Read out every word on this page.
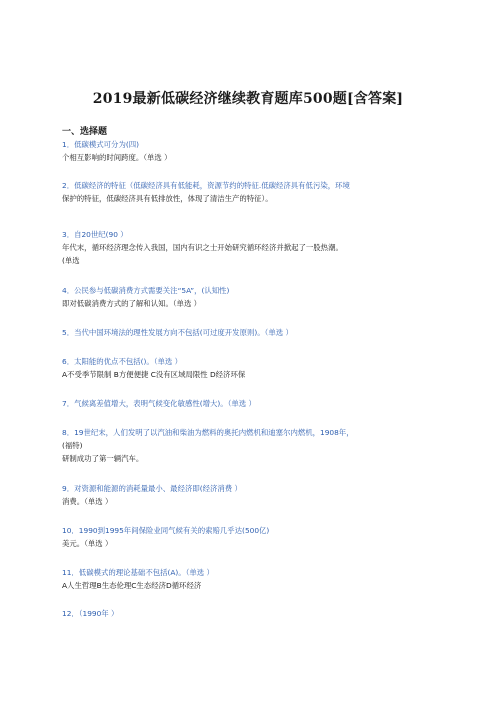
2019最新低碳经济继续教育题库500题[含答案]
一、选择题
1．低碳模式可分为(四)
个相互影响的时间跨度。（单选 ）
2．低碳经济的特征（低碳经济具有低能耗，资源节约的特征.低碳经济具有低污染，环境
保护的特征，低碳经济具有低排放性，体现了清洁生产的特征）。
3．自20世纪(90 ）
年代末，循环经济理念传入我国，国内有识之士开始研究循环经济并掀起了一股热潮。
(单选
4．公民参与低碳消费方式需要关注“5A”，(认知性)
即对低碳消费方式的了解和认知。（单选 ）
5．当代中国环境法的理性发展方向不包括(可过度开发原则)。（单选 ）
6．太阳能的优点不包括()。（单选 ）
A不受季节限制 B方便便捷 C没有区域局限性 D经济环保
7．气候离差值增大，表明气候变化敏感性(增大)。（单选 ）
8．19世纪末，人们发明了以汽油和柴油为燃料的奥托内燃机和迪塞尔内燃机，1908年，
(福特)
研制成功了第一辆汽车。
9．对资源和能源的消耗量最小、最经济即(经济消费 ）
消费。（单选 ）
10．1990到1995年间保险业同气候有关的索赔几乎达(500亿)
美元。（单选 ）
11．低碳模式的理论基础不包括(A)。（单选 ）
A人生哲理B生态伦理C生态经济D循环经济
12．（1990年 ）
